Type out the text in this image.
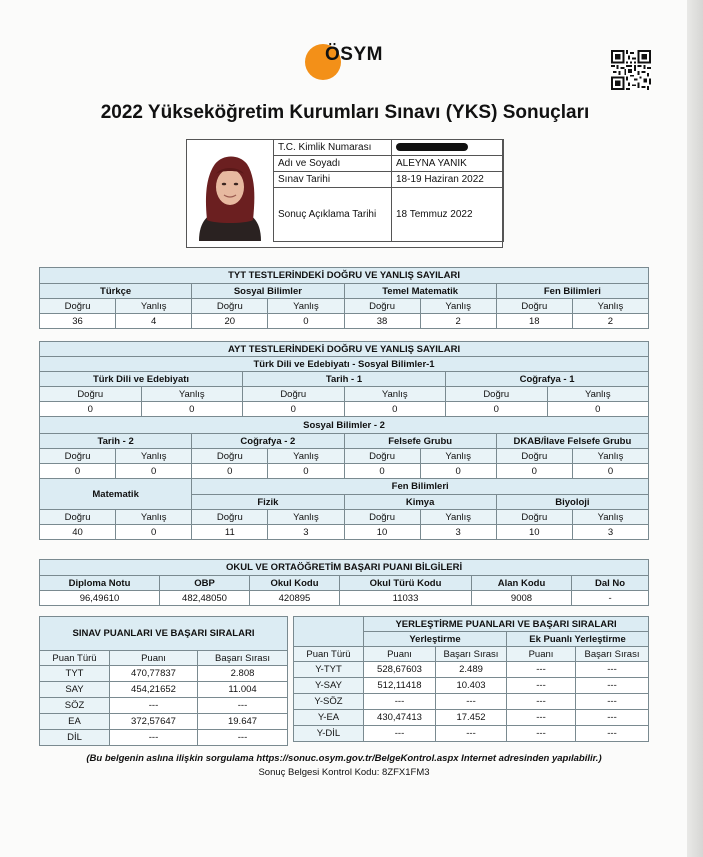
ÖSYM
2022 Yükseköğretim Kurumları Sınavı (YKS) Sonuçları
T.C. Kimlik Numarası	
Adı ve Soyadı	ALEYNA YANIK
Sınav Tarihi	18-19 Haziran 2022
Sonuç Açıklama Tarihi	18 Temmuz 2022
TYT TESTLERİNDEKİ DOĞRU VE YANLIŞ SAYILARI							
Türkçe		Sosyal Bilimler		Temel Matematik		Fen Bilimleri	
Doğru	Yanlış	Doğru	Yanlış	Doğru	Yanlış	Doğru	Yanlış
36	4	20	0	38	2	18	2
AYT TESTLERİNDEKİ DOĞRU VE YANLIŞ SAYILARI											
Türk Dili ve Edebiyatı - Sosyal Bilimler-1											
Türk Dili ve Edebiyatı				Tarih - 1				Coğrafya - 1			
Doğru		Yanlış		Doğru		Yanlış		Doğru		Yanlış	
0		0		0		0		0		0	
Sosyal Bilimler - 2											
Tarih - 2			Coğrafya - 2			Felsefe Grubu			DKAB/İlave Felsefe Grubu		
Doğru	Yanlış		Doğru		Yanlış	Doğru	Yanlış		Doğru		Yanlış
0	0		0		0	0	0		0		0
Matematik			Fen Bilimleri								
			Fizik			Kimya			Biyoloji		
Doğru	Yanlış		Doğru		Yanlış	Doğru	Yanlış		Doğru		Yanlış
40	0		11		3	10	3		10		3
OKUL VE ORTAÖĞRETİM BAŞARI PUANI BİLGİLERİ					
Diploma Notu	OBP	Okul Kodu	Okul Türü Kodu	Alan Kodu	Dal No
96,49610	482,48050	420895	11033	9008	-
SINAV PUANLARI VE BAŞARI SIRALARI		
Puan Türü	Puanı	Başarı Sırası
TYT	470,77837	2.808
SAY	454,21652	11.004
SÖZ	---	---
EA	372,57647	19.647
DİL	---	---
	YERLEŞTİRME PUANLARI VE BAŞARI SIRALARI			
	Yerleştirme		Ek Puanlı Yerleştirme	
Puan Türü	Puanı	Başarı Sırası	Puanı	Başarı Sırası
Y-TYT	528,67603	2.489	---	---
Y-SAY	512,11418	10.403	---	---
Y-SÖZ	---	---	---	---
Y-EA	430,47413	17.452	---	---
Y-DİL	---	---	---	---
(Bu belgenin aslına ilişkin sorgulama https://sonuc.osym.gov.tr/BelgeKontrol.aspx Internet adresinden yapılabilir.)
Sonuç Belgesi Kontrol Kodu: 8ZFX1FM3
